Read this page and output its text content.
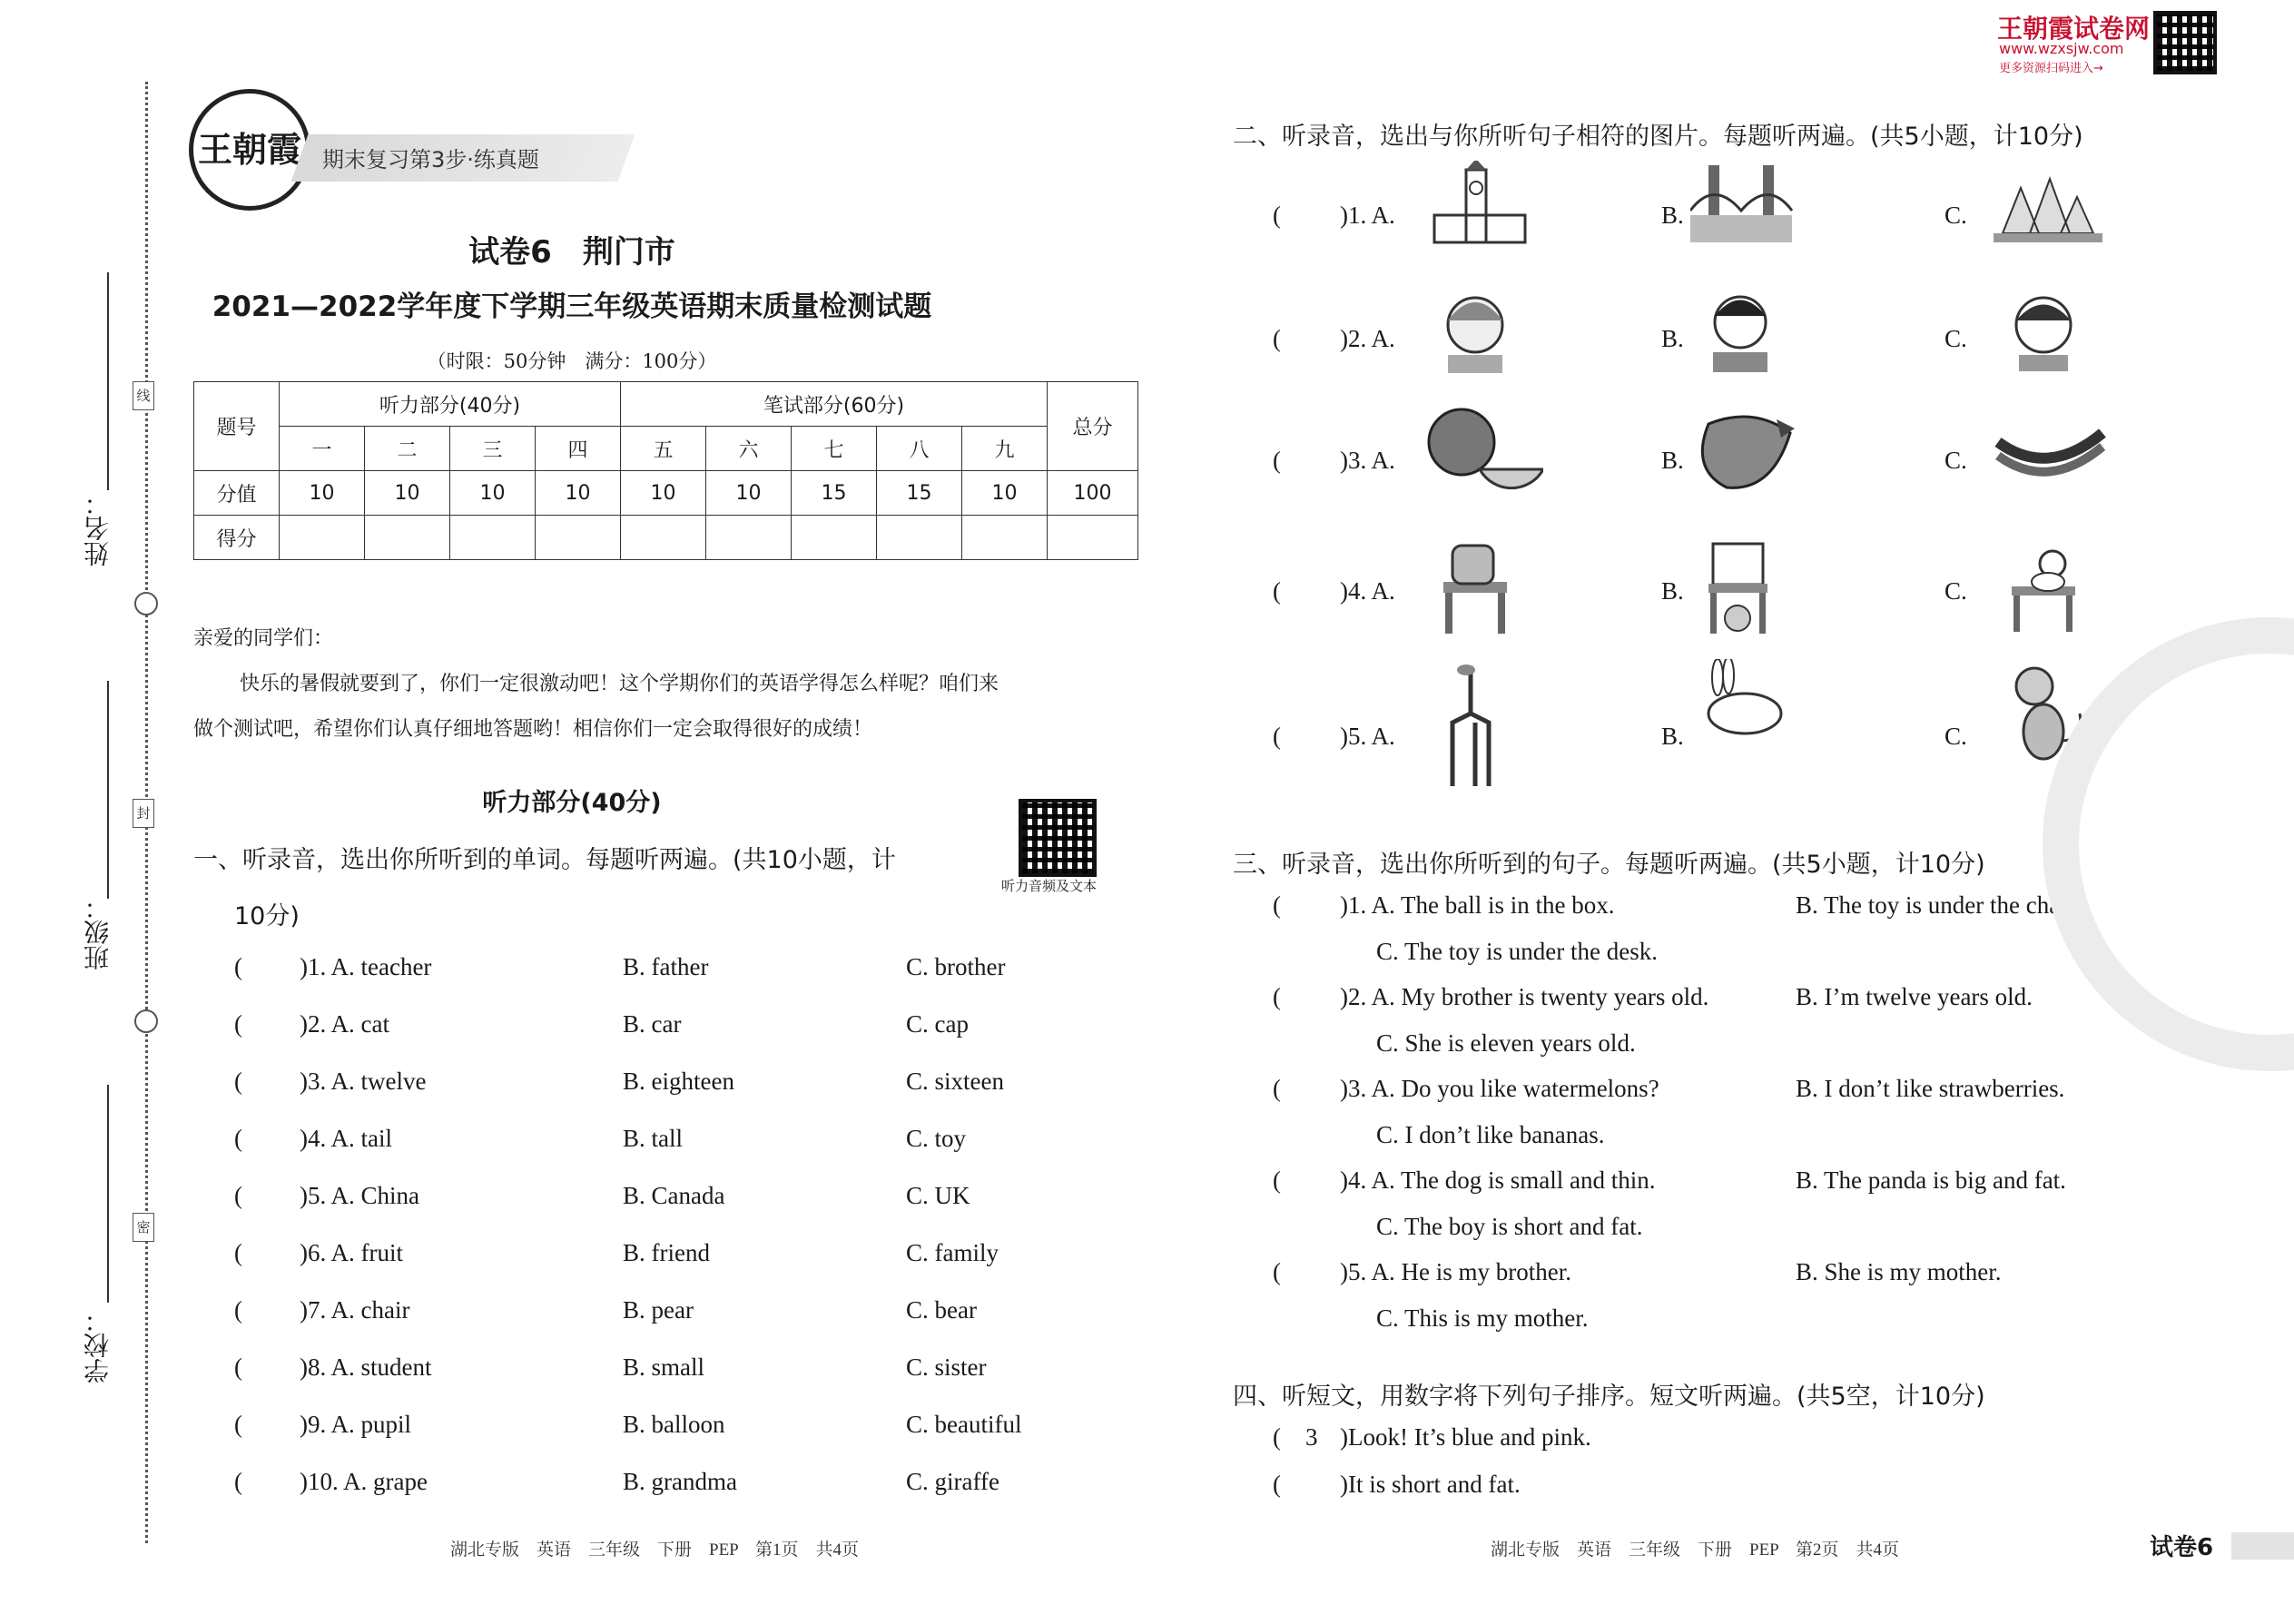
姓名：
班级：
学校：
线
封
密
王朝霞 期末复习第3步·练真题
试卷6　荆门市
2021—2022学年度下学期三年级英语期末质量检测试题
（时限：50分钟　满分：100分）
题号	听力部分(40分)				笔试部分(60分)					总分
	一	二	三	四	五	六	七	八	九	
分值	10	10	10	10	10	10	15	15	10	100
得分										
亲爱的同学们：
快乐的暑假就要到了，你们一定很激动吧！这个学期你们的英语学得怎么样呢？咱们来
做个测试吧，希望你们认真仔细地答题哟！相信你们一定会取得很好的成绩！
听力部分(40分)
听力音频及文本
一、听录音，选出你所听到的单词。每题听两遍。(共10小题，计
10分)
( )1. A. teacher	B. father	C. brother
( )2. A. cat	B. car	C. cap
( )3. A. twelve	B. eighteen	C. sixteen
( )4. A. tail	B. tall	C. toy
( )5. A. China	B. Canada	C. UK
( )6. A. fruit	B. friend	C. family
( )7. A. chair	B. pear	C. bear
( )8. A. student	B. small	C. sister
( )9. A. pupil	B. balloon	C. beautiful
( )10. A. grape	B. grandma	C. giraffe
二、听录音，选出与你所听句子相符的图片。每题听两遍。(共5小题，计10分)
( )1. A.	B.	C.
( )2. A.	B.	C.
( )3. A.	B.	C.
( )4. A.	B.	C.
( )5. A.	B.	C.
三、听录音，选出你所听到的句子。每题听两遍。(共5小题，计10分)
( )1. A. The ball is in the box.	B. The toy is under the chair.
C. The toy is under the desk.
( )2. A. My brother is twenty years old.	B. I’m twelve years old.
C. She is eleven years old.
( )3. A. Do you like watermelons?	B. I don’t like strawberries.
C. I don’t like bananas.
( )4. A. The dog is small and thin.	B. The panda is big and fat.
C. The boy is short and fat.
( )5. A. He is my brother.	B. She is my mother.
C. This is my mother.
四、听短文，用数字将下列句子排序。短文听两遍。(共5空，计10分)
( 3 )Look! It’s blue and pink.
( )It is short and fat.
王朝霞试卷网
www.wzxsjw.com
更多资源扫码进入→
湖北专版　英语　三年级　下册　PEP　第1页　共4页	湖北专版　英语　三年级　下册　PEP　第2页　共4页	试卷6
